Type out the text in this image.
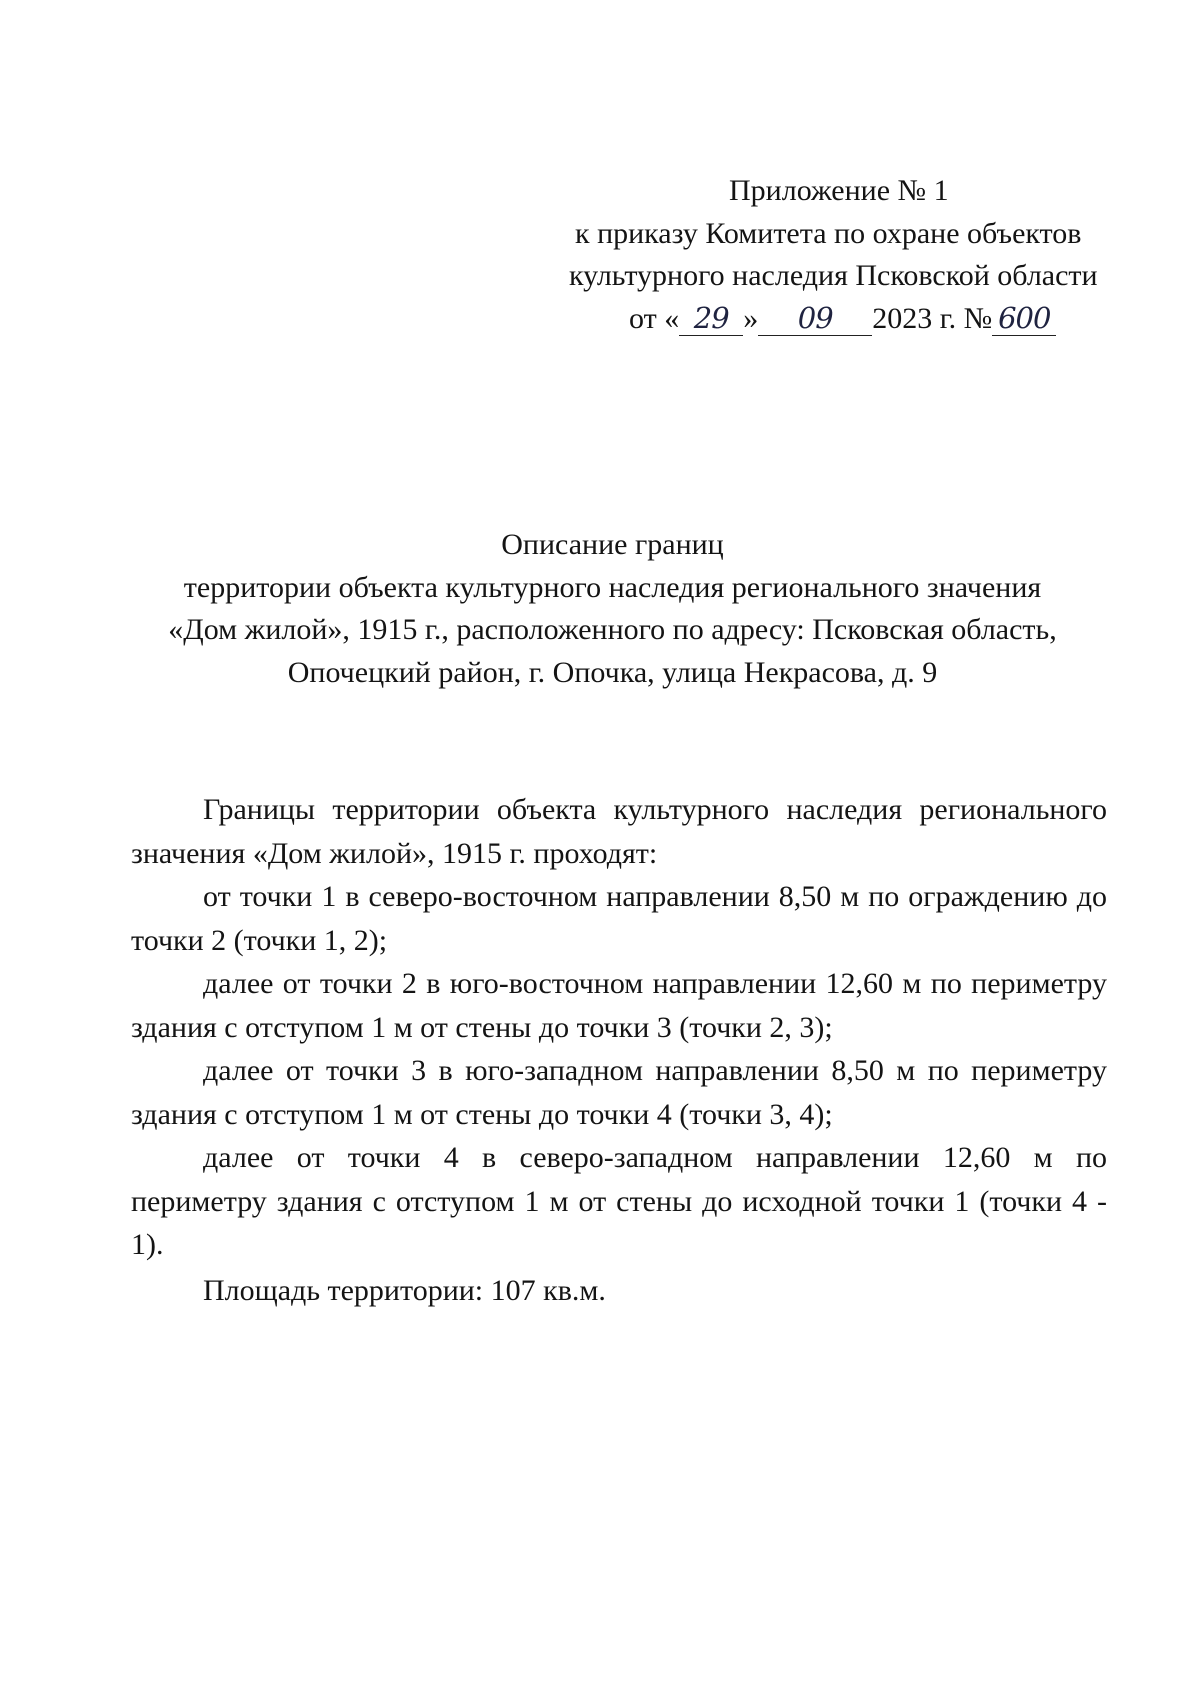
Приложение № 1
к приказу Комитета по охране объектов
культурного наследия Псковской области
от « 29 » 09 2023 г. № 600
Описание границ
территории объекта культурного наследия регионального значения
«Дом жилой», 1915 г., расположенного по адресу: Псковская область,
Опочецкий район, г. Опочка, улица Некрасова, д. 9

Границы территории объекта культурного наследия регионального значения «Дом жилой», 1915 г. проходят:

от точки 1 в северо-восточном направлении 8,50 м по ограждению до точки 2 (точки 1, 2);

далее от точки 2 в юго-восточном направлении 12,60 м по периметру здания с отступом 1 м от стены до точки 3 (точки 2, 3);

далее от точки 3 в юго-западном направлении 8,50 м по периметру здания с отступом 1 м от стены до точки 4 (точки 3, 4);

далее от точки 4 в северо-западном направлении 12,60 м по периметру здания с отступом 1 м от стены до исходной точки 1 (точки 4 - 1).

Площадь территории: 107 кв.м.
